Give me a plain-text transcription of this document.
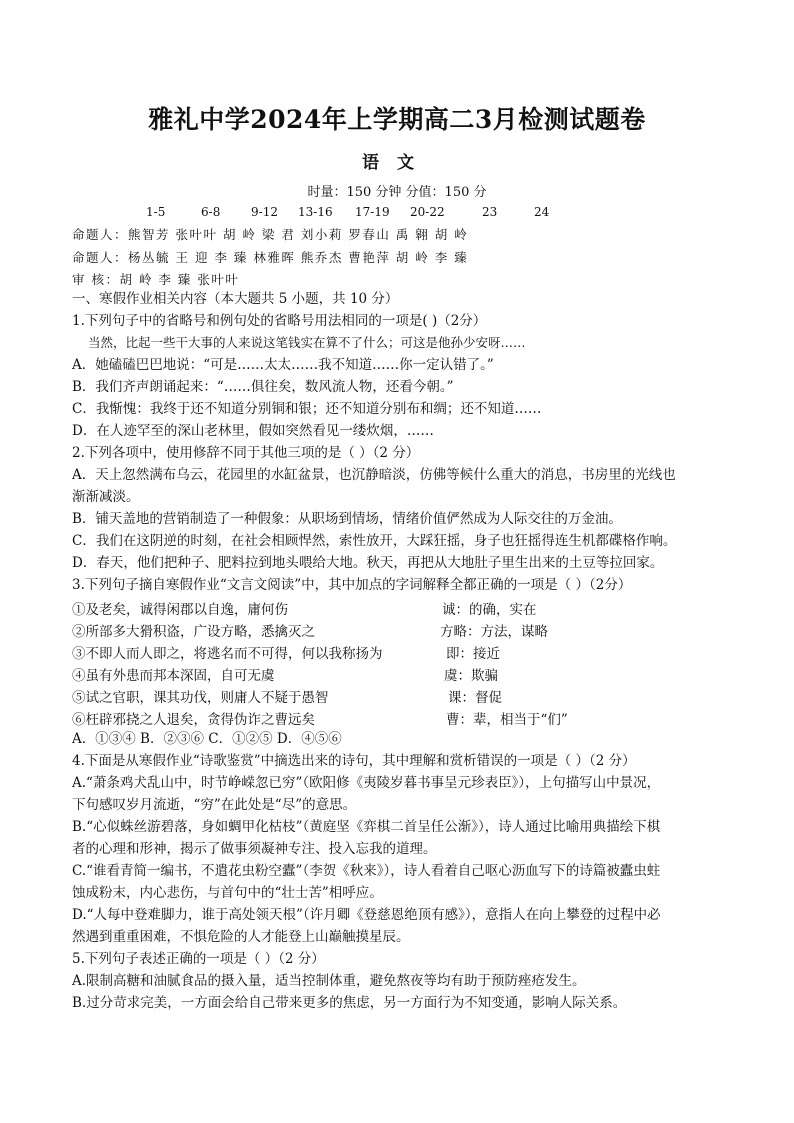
雅礼中学2024年上学期高二3月检测试题卷
语文
时量：150 分钟 分值：150 分
1-5	6-8	9-12 13-16 17-19 20-22	23	24
命题人：熊智芳 张叶叶 胡 岭 梁 君 刘小莉 罗春山 禹 翱 胡 岭
命题人：杨丛毓 王 迎 李 臻 林雅晖 熊乔杰 曹艳萍 胡 岭 李 臻
审 核：胡 岭 李 臻 张叶叶
一、寒假作业相关内容（本大题共 5 小题，共 10 分）
1.下列句子中的省略号和例句处的省略号用法相同的一项是( )（2分）
当然，比起一些干大事的人来说这笔钱实在算不了什么；可这是他孙少安呀……
A．她磕磕巴巴地说：“可是……太太……我不知道……你一定认错了。”
B．我们齐声朗诵起来：“……俱往矣，数风流人物，还看今朝。”
C．我惭愧：我终于还不知道分别铜和银；还不知道分别布和绸；还不知道……
D．在人迹罕至的深山老林里，假如突然看见一缕炊烟，……
2.下列各项中，使用修辞不同于其他三项的是（ ）（2 分）
A．天上忽然满布乌云，花园里的水缸盆景，也沉静暗淡，仿佛等候什么重大的消息，书房里的光线也
渐渐减淡。
B．铺天盖地的营销制造了一种假象：从职场到情场，情绪价值俨然成为人际交往的万金油。
C．我们在这阴逆的时刻，在社会相顾悍然，索性放开，大踩狂摇，身子也狂摇得连生机都碟格作响。
D．春天，他们把种子、肥料拉到地头喂给大地。秋天，再把从大地肚子里生出来的土豆等拉回家。
3.下列句子摘自寒假作业“文言文阅读”中，其中加点的字词解释全都正确的一项是（ ）（2分）
①及老矣，诚得闲郡以自逸，庸何伤	诚：的确，实在
②所部多大猾积盗，广设方略，悉擒灭之	方略：方法，谋略
③不即人而人即之，将逃名而不可得，何以我称扬为	即：接近
④虽有外患而邦本深固，自可无虞	虞：欺骗
⑤试之官职，课其功伐，则庸人不疑于愚智	课：督促
⑥枉辟邪挠之人退矣，贪得伪诈之曹远矣	曹：辈，相当于“们”
A．①③④ B．②③⑥ C．①②⑤ D．④⑤⑥
4.下面是从寒假作业“诗歌鉴赏”中摘选出来的诗句，其中理解和赏析错误的一项是（ ）（2 分）
A.“萧条鸡犬乱山中，时节峥嵘忽已穷”（欧阳修《夷陵岁暮书事呈元珍表臣》），上句描写山中景况，
下句感叹岁月流逝，“穷”在此处是“尽”的意思。
B.“心似蛛丝游碧落，身如蜩甲化枯枝”（黄庭坚《弈棋二首呈任公渐》），诗人通过比喻用典描绘下棋
者的心理和形神，揭示了做事须凝神专注、投入忘我的道理。
C.“谁看青简一编书，不遣花虫粉空蠹”（李贺《秋来》），诗人看着自己呕心沥血写下的诗篇被蠹虫蛀
蚀成粉末，内心悲伤，与首句中的“壮士苦”相呼应。
D.“人每中登难脚力，谁于高处领天根”（许月卿《登慈恩绝顶有感》），意指人在向上攀登的过程中必
然遇到重重困难，不惧危险的人才能登上山巅触摸星辰。
5.下列句子表述正确的一项是（ ）（2 分）
A.限制高糖和油腻食品的摄入量，适当控制体重，避免熬夜等均有助于预防痤疮发生。
B.过分苛求完美，一方面会给自己带来更多的焦虑，另一方面行为不知变通，影响人际关系。
